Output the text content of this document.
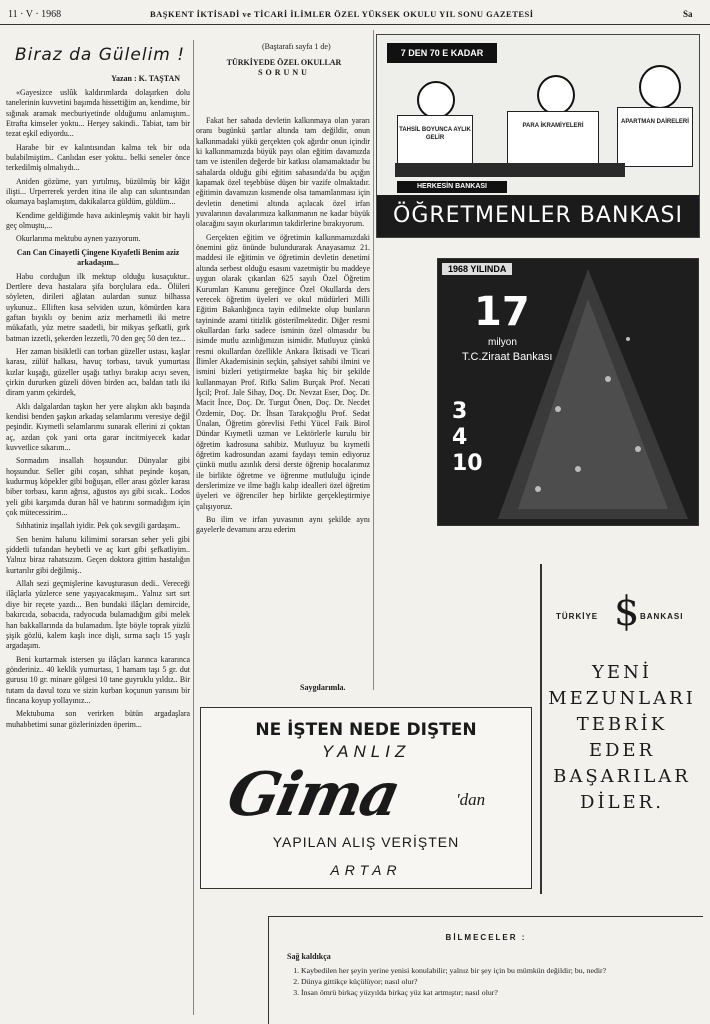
11 · V · 1968	BAŞKENT İKTİSADİ ve TİCARİ İLİMLER ÖZEL YÜKSEK OKULU YIL SONU GAZETESİ	Sa
Biraz da Gülelim !
Yazan : K. TAŞTAN

«Gayesizce uslûk kaldırımlarda dolaşırken dolu tanelerinin kuvvetini başımda hissettiğim an, kendime, bir sığınak aramak mecburiyetinde olduğumu anlamıştım.. Etrafta kimseler yoktu... Herşey sakindi.. Tabiat, tam bir tezat eşkil ediyordu...

Harabe bir ev kalıntısından kalma tek bir oda bulabilmiştim.. Canlıdan eser yoktu.. belki seneler önce terkedilmiş olmalıydı...

Aniden gözüme, yarı yırtılmış, büzülmüş bir kâğıt ilişti... Urperrerek yerden itina ile alıp can sıkıntısından okumaya başlamıştım, dakikalarca güldüm, güldüm...

Kendime geldiğimde hava aıkinleşmiş vakit bir hayli geç olmuştu,...

Okurlarıma mektubu aynen yazıyorum.

Can Can Cinayetli Çingene Kıyafetli Benim aziz arkadaşım...

Habu corduğun ilk mektup olduğu kusaçuktur.. Dertlere deva hastalara şifa borçlulara eda.. Ölüleri söyleten, dirileri ağlatan aulardan sunuz bilhassa uykunuz.. Elliften kısa selviden uzun, kömürden kara gaftan bıyıklı oy benim aziz merhametli iki metre mükafatlı, yüz metre saadetli, bir mikyas şefkatli, gırk batman izzetli, şekerden lezzetli, 70 den geç 50 den tez...

Her zaman bisikletli can torban güzeller ustası, kaşlar karası, zülüf halkası, havuç torbası, tavuk yumurtası kızlar kuşağı, güzeller uşağı tatlıyı bırakıp acıyı seven, çirkin dururken güzeli döven birden acı, baldan tatlı iki diram yarım çekirdek,

Aklı dalgalardan taşkın her yere alışkın aklı başında kendisi benden şaşkın arkadaş selamlarımı veresiye değil peşindir. Kıymetli selamlarımı sunarak ellerini zi çoktan aç, azdan çok yani orta garar incitmiyecek kadar kuvvetlice sıkarım...

Sormadım insallah hoşsundur. Dünyalar gibi hoşsundur. Seller gibi coşan, sıhhat peşinde koşan, kudurmuş köpekler gibi boğuşan, eller arası gözler karası biber torbası, karın ağrısı, ağustos ayı gibi sıcak.. Lodos yeli gibi karşımda duran hâl ve hatırını sormadığım için çok mütecessirim...

Sıhhatiniz inşallah iyidir. Pek çok sevgili gardaşım..

Sen benim halunu kilimimi sorarsan seher yeli gibi şiddetli tufandan heybetli ve aç kurt gibi şefkatliyim.. Yalnız biraz rahatsızım. Geçen doktora gittim hastalığın kurtarılır gibi değilmiş..

Allah sezi geçmişlerine kavuşturasun dedi.. Vereceği ilâçlarla yüzlerce sene yaşıyacakmışım.. Yalnız sırt sırt diye bir reçete yazdı... Ben bundaki ilâçları demircide, bakırcıda, sobacıda, radyocuda bulamadığım gibi melek han bakkallarında da bulamadım. İşte böyle toprak yüzlü şişik gözlü, kalem kaşlı ince dişli, sırma saçlı 15 yaşlı argadaşım.

Beni kurtarmak istersen şu ilâçları karınca kararınca gönderiniz.. 40 keklik yumurtası, 1 hamam taşı 5 gr. dut gurusu 10 gr. minare gölgesi 10 tane guyruklu yıldız.. Bir tutam da davul tozu ve sizin kurban koçunun yarısını bir fincana koyup yollayınız...

Mektubuma son verirken bütün argadaşlara muhabbetimi sunar gözlerinizden öperim...

(Baştarafı sayfa 1 de)
TÜRKİYEDE ÖZEL OKULLAR
SORUNU

Fakat her sahada devletin kalkınmaya olan yararı oranı bugünkü şartlar altında tam değildir, onun kalkınmadaki yükü gerçekten çok ağırdır onun içindir ki kalkınmamızda büyük payı olan eğitim davamızda tam ve istenilen değerde bir katkısı olamamaktadır bu sahalarda olduğu gibi eğitim sahasında'da bu açığın kapamak özel teşebbüse düşen bir vazife olmaktadır. eğitimin davamızın kısmende olsa tamamlanması için devletin denetimi altında açılacak özel irfan yuvalarının davalarımıza kalkınmanın ne kadar büyük olacağını sayın okurlarımın takdirlerine bırakıyorum.

Gerçekten eğitim ve öğretimin kalkınmamızdaki önemini göz önünde bulundurarak Anayasamız 21. maddesi ile eğitimin ve öğretimin devletin denetimi altında serbest olduğu esasını vazetmiştir bu maddeye uygun olarak çıkarılan 625 sayılı Özel Öğretim Kurumları Kanunu gereğince Özel Okullarda ders verecek öğretim üyeleri ve okul müdürleri Milli Eğitim Bakanlığınca tayin edilmekte olup bunların tayininde azami titizlik gösterilmektedir. Diğer resmi okullardan farkı sadece isminin özel olmasıdır bu isimde mutlu azınlığımızın isimidir. Mutluyuz çünkü resmi okullardan özellikle Ankara İktisadi ve Ticari İlimler Akademisinin seçkin, şahsiyet sahibi ilmini ve ismini bizleri yetiştirmekte başka hiç bir şekilde kullanmayan Prof. Rifkı Salim Burçak Prof. Necati İşcil; Prof. Jale Sihay, Doç. Dr. Nevzat Eser, Doç. Dr. Macit İnce, Doç. Dr. Turgut Önen, Doç. Dr. Necdet Özdemir, Doç. Dr. İhsan Tarakçıoğlu Prof. Sedat Ünalan, Öğretim görevlisi Fethi Yücel Faik Birol Dündar Kıymetli uzman ve Lektörlerle kurulu bir öğretim kadrosuna sahibiz. Mutluyuz bu kıymetli öğretim kadrosundan azami faydayı temin ediyoruz çünkü mutlu azınlık dersi derste öğrenip hocalarımız ile birlikte öğretme ve öğrenme mutluluğu içinde derslerimize ve ilme bağlı kalıp idealleri özel öğretim üyeleri ve öğrenciler hep birlikte gerçekleştirmiye çalışıyoruz.

Bu ilim ve irfan yuvasının aynı şekilde aynı gayelerle devamını arzu ederim

Saygılarımla.
7 DEN 70 E KADAR
TAHSİL BOYUNCA AYLIK GELİR
PARA İKRAMİYELERİ
APARTMAN DAİRELERİ
HERKESİN BANKASI
ÖĞRETMENLER BANKASI
1968 YILINDA
17
milyon
T.C.Ziraat Bankası
3
4
10
TÜRKİYE $ BANKASI
YENİ
MEZUNLARI
TEBRİK
EDER
BAŞARILAR
DİLER.
NE İŞTEN NEDE DIŞTEN
YANLIZ
Gima	'dan
YAPILAN ALIŞ VERİŞTEN
ARTAR
BİLMECELER :
Sağ kaldıkça
1. Kaybedilen her şeyin yerine yenisi konulabilir; yalnız bir şey için bu mümkün değildir; bu, nedir?
2. Dünya gittikçe küçülüyor; nasıl olur?
3. İnsan ömrü birkaç yüzyılda birkaç yüz kat artmıştır; nasıl olur?
